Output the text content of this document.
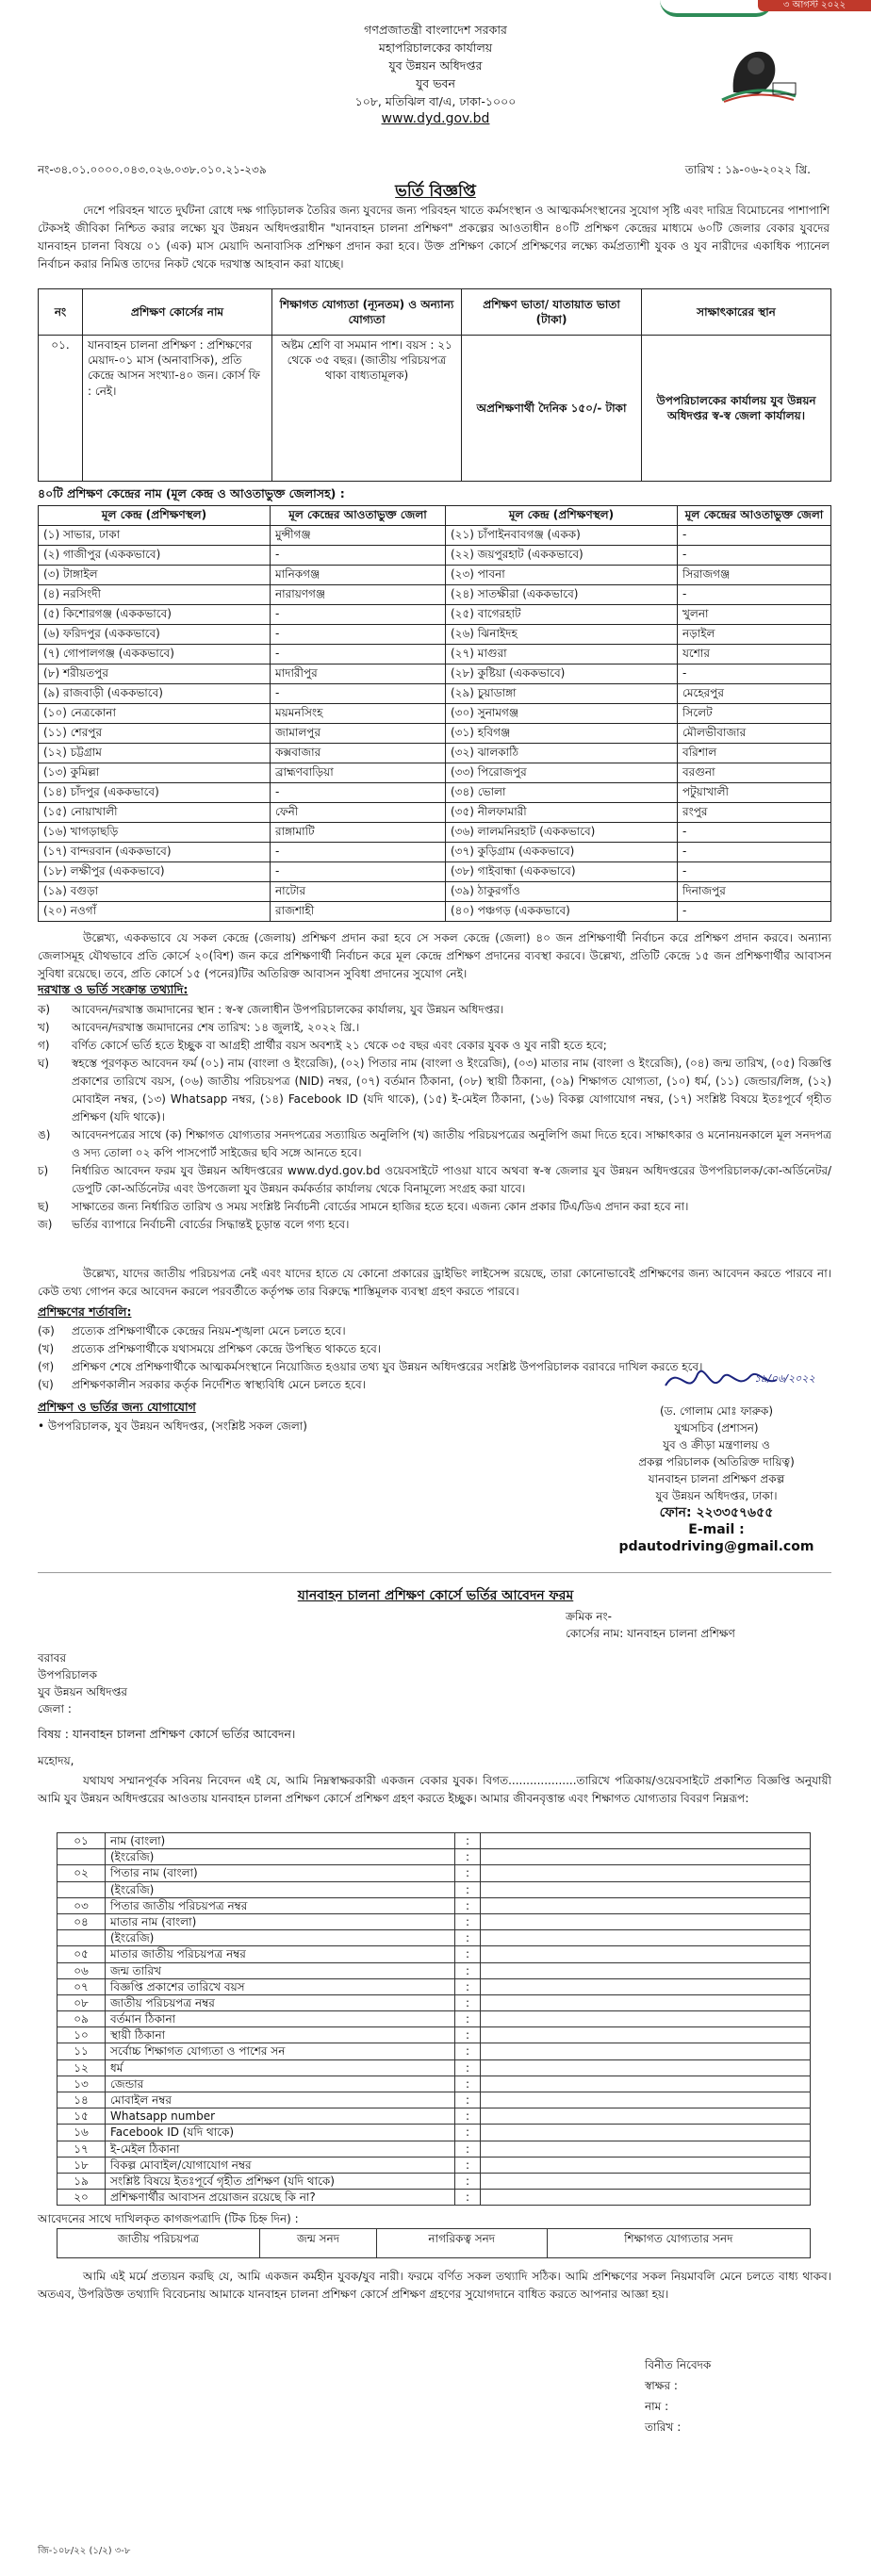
৩ আগস্ট ২০২২
গণপ্রজাতন্ত্রী বাংলাদেশ সরকার
মহাপরিচালকের কার্যালয়
যুব উন্নয়ন অধিদপ্তর
যুব ভবন
১০৮, মতিঝিল বা/এ, ঢাকা-১০০০
www.dyd.gov.bd
নং-৩৪.০১.০০০০.০৪৩.০২৬.০৩৮.০১০.২১-২৩৯	তারিখ : ১৯-০৬-২০২২ খ্রি.
ভর্তি বিজ্ঞপ্তি
দেশে পরিবহন খাতে দুর্ঘটনা রোধে দক্ষ গাড়িচালক তৈরির জন্য যুবদের জন্য পরিবহন খাতে কর্মসংস্থান ও আত্মকর্মসংস্থানের সুযোগ সৃষ্টি এবং দারিদ্র বিমোচনের পাশাপাশি টেকসই জীবিকা নিশ্চিত করার লক্ষ্যে যুব উন্নয়ন অধিদপ্তরাধীন "যানবাহন চালনা প্রশিক্ষণ" প্রকল্পের আওতাধীন ৪০টি প্রশিক্ষণ কেন্দ্রের মাধ্যমে ৬০টি জেলার বেকার যুবদের যানবাহন চালনা বিষয়ে ০১ (এক) মাস মেয়াদি অনাবাসিক প্রশিক্ষণ প্রদান করা হবে। উক্ত প্রশিক্ষণ কোর্সে প্রশিক্ষণের লক্ষ্যে কর্মপ্রত্যাশী যুবক ও যুব নারীদের একাধিক প্যানেল নির্বাচন করার নিমিত্ত তাদের নিকট থেকে দরখাস্ত আহবান করা যাচ্ছে।
নং	প্রশিক্ষণ কোর্সের নাম	শিক্ষাগত যোগ্যতা (ন্যূনতম) ও অন্যান্য যোগ্যতা	প্রশিক্ষণ ভাতা/ যাতায়াত ভাতা (টাকা)	সাক্ষাৎকারের স্থান
০১.	যানবাহন চালনা প্রশিক্ষণ : প্রশিক্ষণের মেয়াদ-০১ মাস (অনাবাসিক), প্রতি কেন্দ্রে আসন সংখ্যা-৪০ জন। কোর্স ফি : নেই।	অষ্টম শ্রেণি বা সমমান পাশ। বয়স : ২১ থেকে ৩৫ বছর। (জাতীয় পরিচয়পত্র থাকা বাধ্যতামূলক)	অপ্রশিক্ষণার্থী দৈনিক ১৫০/- টাকা	উপপরিচালকের কার্যালয় যুব উন্নয়ন অধিদপ্তর স্ব-স্ব জেলা কার্যালয়।
৪০টি প্রশিক্ষণ কেন্দ্রের নাম (মূল কেন্দ্র ও আওতাভুক্ত জেলাসহ) :
মূল কেন্দ্র (প্রশিক্ষণস্থল)	মূল কেন্দ্রের আওতাভুক্ত জেলা	মূল কেন্দ্র (প্রশিক্ষণস্থল)	মূল কেন্দ্রের আওতাভুক্ত জেলা
(১) সাভার, ঢাকা	মুন্সীগঞ্জ	(২১) চাঁপাইনবাবগঞ্জ (একক)	-
(২) গাজীপুর (এককভাবে)	-	(২২) জয়পুরহাট (এককভাবে)	-
(৩) টাঙ্গাইল	মানিকগঞ্জ	(২৩) পাবনা	সিরাজগঞ্জ
(৪) নরসিংদী	নারায়ণগঞ্জ	(২৪) সাতক্ষীরা (এককভাবে)	-
(৫) কিশোরগঞ্জ (এককভাবে)	-	(২৫) বাগেরহাট	খুলনা
(৬) ফরিদপুর (এককভাবে)	-	(২৬) ঝিনাইদহ	নড়াইল
(৭) গোপালগঞ্জ (এককভাবে)	-	(২৭) মাগুরা	যশোর
(৮) শরীয়তপুর	মাদারীপুর	(২৮) কুষ্টিয়া (এককভাবে)	-
(৯) রাজবাড়ী (এককভাবে)	-	(২৯) চুয়াডাঙ্গা	মেহেরপুর
(১০) নেত্রকোনা	ময়মনসিংহ	(৩০) সুনামগঞ্জ	সিলেট
(১১) শেরপুর	জামালপুর	(৩১) হবিগঞ্জ	মৌলভীবাজার
(১২) চট্টগ্রাম	কক্সবাজার	(৩২) ঝালকাঠি	বরিশাল
(১৩) কুমিল্লা	ব্রাহ্মণবাড়িয়া	(৩৩) পিরোজপুর	বরগুনা
(১৪) চাঁদপুর (এককভাবে)	-	(৩৪) ভোলা	পটুয়াখালী
(১৫) নোয়াখালী	ফেনী	(৩৫) নীলফামারী	রংপুর
(১৬) খাগড়াছড়ি	রাঙ্গামাটি	(৩৬) লালমনিরহাট (এককভাবে)	-
(১৭) বান্দরবান (এককভাবে)	-	(৩৭) কুড়িগ্রাম (এককভাবে)	-
(১৮) লক্ষীপুর (এককভাবে)	-	(৩৮) গাইবান্ধা (এককভাবে)	-
(১৯) বগুড়া	নাটোর	(৩৯) ঠাকুরগাঁও	দিনাজপুর
(২০) নওগাঁ	রাজশাহী	(৪০) পঞ্চগড় (এককভাবে)	-
উল্লেখ্য, এককভাবে যে সকল কেন্দ্রে (জেলায়) প্রশিক্ষণ প্রদান করা হবে সে সকল কেন্দ্রে (জেলা) ৪০ জন প্রশিক্ষণার্থী নির্বাচন করে প্রশিক্ষণ প্রদান করবে। অন্যান্য জেলাসমূহ যৌথভাবে প্রতি কোর্সে ২০(বিশ) জন করে প্রশিক্ষণার্থী নির্বাচন করে মূল কেন্দ্রে প্রশিক্ষণ প্রদানের ব্যবস্থা করবে। উল্লেখ্য, প্রতিটি কেন্দ্রে ১৫ জন প্রশিক্ষণার্থীর আবাসন সুবিধা রয়েছে। তবে, প্রতি কোর্সে ১৫ (পনের)টির অতিরিক্ত আবাসন সুবিধা প্রদানের সুযোগ নেই।
দরখাস্ত ও ভর্তি সংক্রান্ত তথ্যাদি:
ক)	আবেদন/দরখাস্ত জমাদানের স্থান : স্ব-স্ব জেলাধীন উপপরিচালকের কার্যালয়, যুব উন্নয়ন অধিদপ্তর।
খ)	আবেদন/দরখাস্ত জমাদানের শেষ তারিখ: ১৪ জুলাই, ২০২২ খ্রি.।
গ)	বর্ণিত কোর্সে ভর্তি হতে ইচ্ছুক বা আগ্রহী প্রার্থীর বয়স অবশ্যই ২১ থেকে ৩৫ বছর এবং বেকার যুবক ও যুব নারী হতে হবে;
ঘ)	স্বহস্তে পূরণকৃত আবেদন ফর্ম (০১) নাম (বাংলা ও ইংরেজি), (০২) পিতার নাম (বাংলা ও ইংরেজি), (০৩) মাতার নাম (বাংলা ও ইংরেজি), (০৪) জন্ম তারিখ, (০৫) বিজ্ঞপ্তি প্রকাশের তারিখে বয়স, (০৬) জাতীয় পরিচয়পত্র (NID) নম্বর, (০৭) বর্তমান ঠিকানা, (০৮) স্থায়ী ঠিকানা, (০৯) শিক্ষাগত যোগ্যতা, (১০) ধর্ম, (১১) জেন্ডার/লিঙ্গ, (১২) মোবাইল নম্বর, (১৩) Whatsapp নম্বর, (১৪) Facebook ID (যদি থাকে), (১৫) ই-মেইল ঠিকানা, (১৬) বিকল্প যোগাযোগ নম্বর, (১৭) সংশ্লিষ্ট বিষয়ে ইতঃপূর্বে গৃহীত প্রশিক্ষণ (যদি থাকে)।
ঙ)	আবেদনপত্রের সাথে (ক) শিক্ষাগত যোগ্যতার সনদপত্রের সত্যায়িত অনুলিপি (খ) জাতীয় পরিচয়পত্রের অনুলিপি জমা দিতে হবে। সাক্ষাৎকার ও মনোনয়নকালে মূল সনদপত্র ও সদ্য তোলা ০২ কপি পাসপোর্ট সাইজের ছবি সঙ্গে আনতে হবে।
চ)	নির্ধারিত আবেদন ফরম যুব উন্নয়ন অধিদপ্তরের www.dyd.gov.bd ওয়েবসাইটে পাওয়া যাবে অথবা স্ব-স্ব জেলার যুব উন্নয়ন অধিদপ্তরের উপপরিচালক/কো-অর্ডিনেটর/ডেপুটি কো-অর্ডিনেটর এবং উপজেলা যুব উন্নয়ন কর্মকর্তার কার্যালয় থেকে বিনামূল্যে সংগ্রহ করা যাবে।
ছ)	সাক্ষাতের জন্য নির্ধারিত তারিখ ও সময় সংশ্লিষ্ট নির্বাচনী বোর্ডের সামনে হাজির হতে হবে। এজন্য কোন প্রকার টিএ/ডিএ প্রদান করা হবে না।
জ)	ভর্তির ব্যাপারে নির্বাচনী বোর্ডের সিদ্ধান্তই চূড়ান্ত বলে গণ্য হবে।
উল্লেখ্য, যাদের জাতীয় পরিচয়পত্র নেই এবং যাদের হাতে যে কোনো প্রকারের ড্রাইভিং লাইসেন্স রয়েছে, তারা কোনোভাবেই প্রশিক্ষণের জন্য আবেদন করতে পারবে না। কেউ তথ্য গোপন করে আবেদন করলে পরবর্তীতে কর্তৃপক্ষ তার বিরুদ্ধে শাস্তিমূলক ব্যবস্থা গ্রহণ করতে পারবে।
প্রশিক্ষণের শর্তাবলি:
(ক)	প্রত্যেক প্রশিক্ষণার্থীকে কেন্দ্রের নিয়ম-শৃঙ্খলা মেনে চলতে হবে।
(খ)	প্রত্যেক প্রশিক্ষণার্থীকে যথাসময়ে প্রশিক্ষণ কেন্দ্রে উপস্থিত থাকতে হবে।
(গ)	প্রশিক্ষণ শেষে প্রশিক্ষণার্থীকে আত্মকর্মসংস্থানে নিয়োজিত হওয়ার তথ্য যুব উন্নয়ন অধিদপ্তরের সংশ্লিষ্ট উপপরিচালক বরাবরে দাখিল করতে হবে।
(ঘ)	প্রশিক্ষণকালীন সরকার কর্তৃক নির্দেশিত স্বাস্থ্যবিধি মেনে চলতে হবে।
প্রশিক্ষণ ও ভর্তির জন্য যোগাযোগ
• উপপরিচালক, যুব উন্নয়ন অধিদপ্তর, (সংশ্লিষ্ট সকল জেলা)
১৯/০৬/২০২২
(ড. গোলাম মোঃ ফারুক)
যুগ্মসচিব (প্রশাসন)
যুব ও ক্রীড়া মন্ত্রণালয় ও
প্রকল্প পরিচালক (অতিরিক্ত দায়িত্ব)
যানবাহন চালনা প্রশিক্ষণ প্রকল্প
যুব উন্নয়ন অধিদপ্তর, ঢাকা।
ফোন: ২২৩৩৫৭৬৫৫
E-mail : pdautodriving@gmail.com
যানবাহন চালনা প্রশিক্ষণ কোর্সে ভর্তির আবেদন ফরম
ক্রমিক নং-
কোর্সের নাম: যানবাহন চালনা প্রশিক্ষণ
বরাবর
উপপরিচালক
যুব উন্নয়ন অধিদপ্তর
জেলা :
বিষয় : যানবাহন চালনা প্রশিক্ষণ কোর্সে ভর্তির আবেদন।
মহোদয়,
যথাযথ সম্মানপূর্বক সবিনয় নিবেদন এই যে, আমি নিম্নস্বাক্ষরকারী একজন বেকার যুবক। বিগত...................তারিখে পত্রিকায়/ওয়েবসাইটে প্রকাশিত বিজ্ঞপ্তি অনুযায়ী আমি যুব উন্নয়ন অধিদপ্তরের আওতায় যানবাহন চালনা প্রশিক্ষণ কোর্সে প্রশিক্ষণ গ্রহণ করতে ইচ্ছুক। আমার জীবনবৃত্তান্ত এবং শিক্ষাগত যোগ্যতার বিবরণ নিম্নরূপ:
০১	নাম (বাংলা)	:	
	(ইংরেজি)	:	
০২	পিতার নাম (বাংলা)	:	
	(ইংরেজি)	:	
০৩	পিতার জাতীয় পরিচয়পত্র নম্বর	:	
০৪	মাতার নাম (বাংলা)	:	
	(ইংরেজি)	:	
০৫	মাতার জাতীয় পরিচয়পত্র নম্বর	:	
০৬	জন্ম তারিখ	:	
০৭	বিজ্ঞপ্তি প্রকাশের তারিখে বয়স	:	
০৮	জাতীয় পরিচয়পত্র নম্বর	:	
০৯	বর্তমান ঠিকানা	:	
১০	স্থায়ী ঠিকানা	:	
১১	সর্বোচ্চ শিক্ষাগত যোগ্যতা ও পাশের সন	:	
১২	ধর্ম	:	
১৩	জেন্ডার	:	
১৪	মোবাইল নম্বর	:	
১৫	Whatsapp number	:	
১৬	Facebook ID (যদি থাকে)	:	
১৭	ই-মেইল ঠিকানা	:	
১৮	বিকল্প মোবাইল/যোগাযোগ নম্বর	:	
১৯	সংশ্লিষ্ট বিষয়ে ইতঃপূর্বে গৃহীত প্রশিক্ষণ (যদি থাকে)	:	
২০	প্রশিক্ষণার্থীর আবাসন প্রয়োজন রয়েছে কি না?	:	
আবেদনের সাথে দাখিলকৃত কাগজপত্রাদি (টিক চিহ্ন দিন) :
জাতীয় পরিচয়পত্র	জন্ম সনদ	নাগরিকত্ব সনদ	শিক্ষাগত যোগ্যতার সনদ
আমি এই মর্মে প্রত্যয়ন করছি যে, আমি একজন কর্মহীন যুবক/যুব নারী। ফরমে বর্ণিত সকল তথ্যাদি সঠিক। আমি প্রশিক্ষণের সকল নিয়মাবলি মেনে চলতে বাধ্য থাকব। অতএব, উপরিউক্ত তথ্যাদি বিবেচনায় আমাকে যানবাহন চালনা প্রশিক্ষণ কোর্সে প্রশিক্ষণ গ্রহণের সুযোগদানে বাধিত করতে আপনার আজ্ঞা হয়।
বিনীত নিবেদক
স্বাক্ষর :
নাম :
তারিখ :
জি-১০৮/২২ (১/২) ৩-৮
